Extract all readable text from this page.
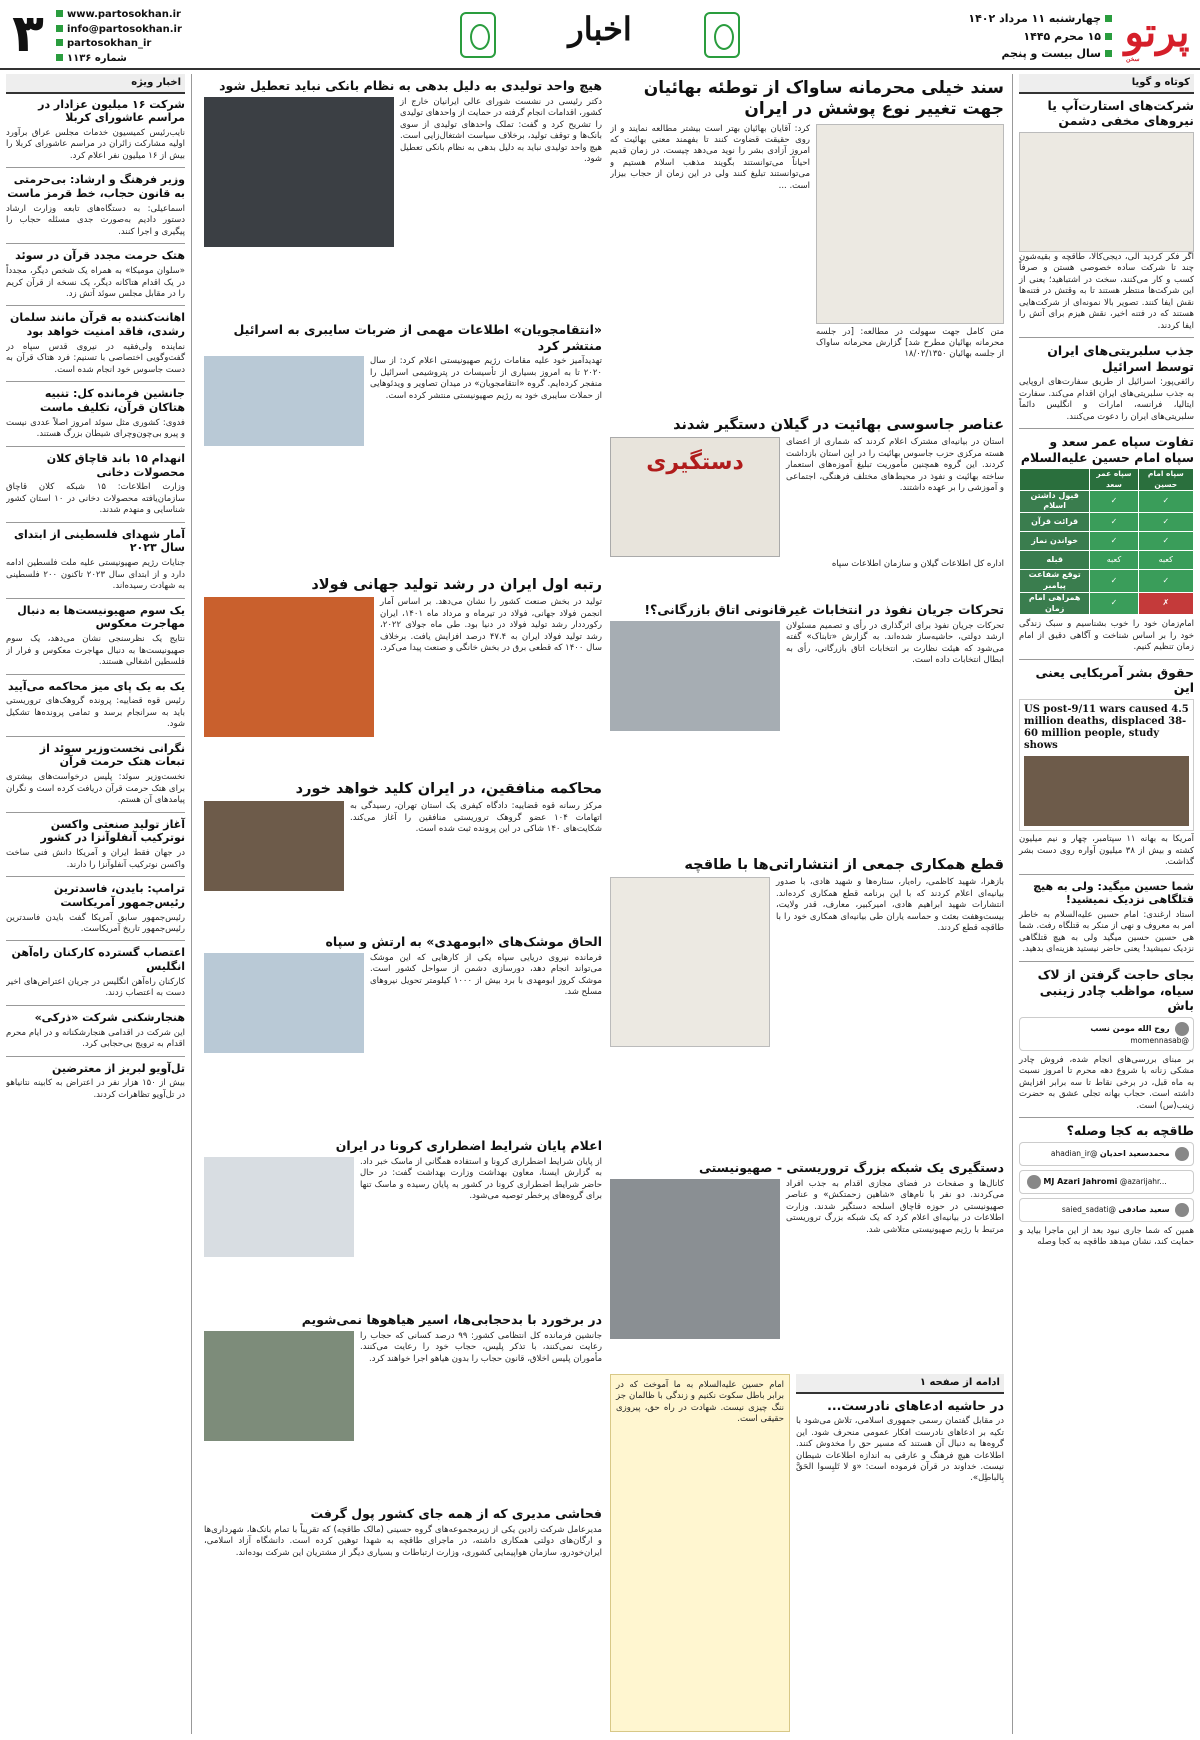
پرتو
سخن
چهارشنبه ۱۱ مرداد ۱۴۰۲
۱۵ محرم ۱۴۴۵
سال بیست و پنجم
اخبار
www.partosokhan.ir
info@partosokhan.ir
partosokhan_ir
شماره ۱۱۳۶
۳
کوتاه و گویا
شرکت‌های استارت‌آپ یا نیروهای مخفی دشمن
اگر فکر کردید آلی، دیجی‌کالا، طاقچه و بقیه‌شون چند تا شرکت ساده خصوصی هستن و صرفاً کسب و کار می‌کنند، سخت در اشتباهید؛ یعنی از این شرکت‌ها منتظر هستند تا به وقتش در فتنه‌ها نقش ایفا کنند. تصویر بالا نمونه‌ای از شرکت‌هایی هستند که در فتنه اخیر، نقش هیزم برای آتش را ایفا کردند.
جذب سلبریتی‌های ایران توسط اسرائیل
رائفی‌پور: اسرائیل از طریق سفارت‌های اروپایی به جذب سلبریتی‌های ایران اقدام می‌کند. سفارت ایتالیا، فرانسه، امارات و انگلیس دائماً سلبریتی‌های ایران را دعوت می‌کنند.
تفاوت سپاه عمر سعد و سپاه امام حسین علیه‌السلام
سپاه امام حسین	سپاه عمر سعد	
✓	✓	قبول داشتن اسلام
✓	✓	قرائت قرآن
✓	✓	خواندن نماز
کعبه	کعبه	قبله
✓	✓	توقع شفاعت پیامبر
✗	✓	همراهی امام زمان
امام‌زمان خود را خوب بشناسیم و سبک زندگی خود را بر اساس شناخت و آگاهی دقیق از امام زمان تنظیم کنیم.
حقوق بشر آمریکایی یعنی این
US post-9/11 wars caused 4.5 million deaths, displaced 38-60 million people, study shows
آمریکا به بهانه ۱۱ سپتامبر، چهار و نیم میلیون کشته و بیش از ۳۸ میلیون آواره روی دست بشر گذاشت.
شما حسین میگید: ولی به هیچ قتلگاهی نزدیک نمیشید!
استاد ارغندی: امام حسین علیه‌السلام به خاطر امر به معروف و نهی از منکر به قتلگاه رفت. شما هی حسین حسین میگید ولی به هیچ قتلگاهی نزدیک نمیشید! یعنی حاضر نیستید هزینه‌ای بدهید.
بجای حاجت گرفتن از لاک سیاه، مواظب چادر زینبی باش
روح الله مومن نسب
@momennasab
بر مبنای بررسی‌های انجام شده، فروش چادر مشکی زنانه با شروع دهه محرم تا امروز نسبت به ماه قبل، در برخی نقاط تا سه برابر افزایش داشته است. حجاب بهانه تجلی عشق به حضرت زینب(س) است.
طاقچه به کجا وصله؟
محمدسعید احدیان @ahadian_ir
MJ Azari Jahromi @azarijahr...
سعید صادقی @saied_sadati
همین که شما جاری نبود بعد از این ماجرا بیاید و حمایت کند، نشان میدهد طاقچه به کجا وصله
سند خیلی محرمانه ساواک از توطئه بهائیان جهت تغییر نوع پوشش در ایران
متن کامل جهت سهولت در مطالعه: [در جلسه محرمانه بهائیان مطرح شد] گزارش محرمانه ساواک از جلسه بهائیان ۱۸/۰۲/۱۳۵۰
کرد: آقایان بهائیان بهتر است بیشتر مطالعه نمایند و از روی حقیقت قضاوت کنند تا بفهمند معنی بهائیت که امروز آزادی بشر را نوید می‌دهد چیست. در زمان قدیم احیاناً می‌توانستند بگویند مذهب اسلام هستیم و می‌توانستند تبلیغ کنند ولی در این زمان از حجاب بیزار است. ...
هیچ واحد تولیدی به دلیل بدهی به نظام بانکی نباید تعطیل شود
دکتر رئیسی در نشست شورای عالی ایرانیان خارج از کشور، اقدامات انجام گرفته در حمایت از واحدهای تولیدی را تشریح کرد و گفت: تملک واحدهای تولیدی از سوی بانک‌ها و توقف تولید، برخلاف سیاست اشتغال‌زایی است. هیچ واحد تولیدی نباید به دلیل بدهی به نظام بانکی تعطیل شود.
«انتقامجویان» اطلاعات مهمی از ضربات سایبری به اسرائیل منتشر کرد
تهدیدآمیز خود علیه مقامات رژیم صهیونیستی اعلام کرد: از سال ۲۰۲۰ تا به امروز بسیاری از تأسیسات در پتروشیمی اسرائیل را منفجر کرده‌ایم. گروه «انتقامجویان» در میدان تصاویر و ویدئوهایی از حملات سایبری خود به رژیم صهیونیستی منتشر کرده است.
عناصر جاسوسی بهائیت در گیلان دستگیر شدند
استان در بیانیه‌ای مشترک اعلام کردند که شماری از اعضای هسته مرکزی حزب جاسوس بهائیت را در این استان بازداشت کردند. این گروه همچنین مأموریت تبلیغ آموزه‌های استعمار ساخته بهائیت و نفوذ در محیط‌های مختلف فرهنگی، اجتماعی و آموزشی را بر عهده داشتند.
دستگیری
اداره کل اطلاعات گیلان و سازمان اطلاعات سپاه
رتبه اول ایران در رشد تولید جهانی فولاد
تولید در بخش صنعت کشور را نشان می‌دهد. بر اساس آمار انجمن فولاد جهانی، فولاد در تیرماه و مرداد ماه ۱۴۰۱، ایران رکورددار رشد تولید فولاد در دنیا بود. طی ماه جولای ۲۰۲۲، رشد تولید فولاد ایران به ۴۷.۴ درصد افزایش یافت. برخلاف سال ۱۴۰۰ که قطعی برق در بخش خانگی و صنعت پیدا می‌کرد.
تحرکات جریان نفوذ در انتخابات غیرقانونی اتاق بازرگانی؟!
تحرکات جریان نفوذ برای اثرگذاری در رأی و تصمیم مسئولان ارشد دولتی، حاشیه‌ساز شده‌اند. به گزارش «تابناک» گفته می‌شود که هیئت نظارت بر انتخابات اتاق بازرگانی، رأی به ابطال انتخابات داده است.
محاکمه منافقین، در ایران کلید خواهد خورد
مرکز رسانه قوه قضاییه: دادگاه کیفری یک استان تهران، رسیدگی به اتهامات ۱۰۴ عضو گروهک تروریستی منافقین را آغاز می‌کند. شکایت‌های ۱۴۰ شاکی در این پرونده ثبت شده است.
قطع همکاری جمعی از انتشاراتی‌ها با طاقچه
بازهرا، شهید کاظمی، راه‌یار، ستاره‌ها و شهید هادی، با صدور بیانیه‌ای اعلام کردند که با این برنامه قطع همکاری کرده‌اند. انتشارات شهید ابراهیم هادی، امیرکبیر، معارف، قدر ولایت، بیست‌وهفت بعثت و حماسه یاران طی بیانیه‌ای همکاری خود را با طاقچه قطع کردند.
الحاق موشک‌های «ابومهدی» به ارتش و سپاه
فرمانده نیروی دریایی سپاه یکی از کارهایی که این موشک می‌تواند انجام دهد، دورسازی دشمن از سواحل کشور است. موشک کروز ابومهدی با برد بیش از ۱۰۰۰ کیلومتر تحویل نیروهای مسلح شد.
دستگیری یک شبکه بزرگ تروریستی - صهیونیستی
کانال‌ها و صفحات در فضای مجازی اقدام به جذب افراد می‌کردند. دو نفر با نام‌های «شاهین زحمتکش» و عناصر صهیونیستی در حوزه قاچاق اسلحه دستگیر شدند. وزارت اطلاعات در بیانیه‌ای اعلام کرد که یک شبکه بزرگ تروریستی مرتبط با رژیم صهیونیستی متلاشی شد.
اعلام پایان شرایط اضطراری کرونا در ایران
از پایان شرایط اضطراری کرونا و استفاده همگانی از ماسک خبر داد. به گزارش ایسنا، معاون بهداشت وزارت بهداشت گفت: در حال حاضر شرایط اضطراری کرونا در کشور به پایان رسیده و ماسک تنها برای گروه‌های پرخطر توصیه می‌شود.
در برخورد با بدحجابی‌ها، اسیر هیاهوها نمی‌شویم
جانشین فرمانده کل انتظامی کشور: ۹۹ درصد کسانی که حجاب را رعایت نمی‌کنند، با تذکر پلیس، حجاب خود را رعایت می‌کنند. مأموران پلیس اخلاق، قانون حجاب را بدون هیاهو اجرا خواهند کرد.
فحاشی مدیری که از همه جای کشور پول گرفت
مدیرعامل شرکت زادین یکی از زیرمجموعه‌های گروه حسینی (مالک طاقچه) که تقریباً با تمام بانک‌ها، شهرداری‌ها و ارگان‌های دولتی همکاری داشته، در ماجرای طاقچه به شهدا توهین کرده است. دانشگاه آزاد اسلامی، ایران‌خودرو، سازمان هواپیمایی کشوری، وزارت ارتباطات و بسیاری دیگر از مشتریان این شرکت بوده‌اند.
ادامه از صفحه ۱
در حاشیه ادعاهای نادرست...
در مقابل گفتمان رسمی جمهوری اسلامی، تلاش می‌شود با تکیه بر ادعاهای نادرست افکار عمومی منحرف شود. این گروه‌ها به دنبال آن هستند که مسیر حق را مخدوش کنند. اطلاعات هیچ فرهنگ و عارفی به اندازه اطلاعات شیطان نیست. خداوند در قرآن فرموده است: «وَ لا تَلبِسوا الحَقَّ بِالباطِل».
امام حسین علیه‌السلام به ما آموخت که در برابر باطل سکوت نکنیم و زندگی با ظالمان جز ننگ چیزی نیست. شهادت در راه حق، پیروزی حقیقی است.
اخبار ویژه
شرکت ۱۶ میلیون عزادار در مراسم عاشورای کربلا
نایب‌رئیس کمیسیون خدمات مجلس عراق برآورد اولیه مشارکت زائران در مراسم عاشورای کربلا را بیش از ۱۶ میلیون نفر اعلام کرد.
وزیر فرهنگ و ارشاد: بی‌حرمتی به قانون حجاب، خط قرمز ماست
اسماعیلی: به دستگاه‌های تابعه وزارت ارشاد دستور دادیم به‌صورت جدی مسئله حجاب را پیگیری و اجرا کنند.
هتک حرمت مجدد قرآن در سوئد
«سلوان مومیکا» به همراه یک شخص دیگر، مجدداً در یک اقدام هتاکانه دیگر، یک نسخه از قرآن کریم را در مقابل مجلس سوئد آتش زد.
اهانت‌کننده به قرآن مانند سلمان رشدی، فاقد امنیت خواهد بود
نماینده ولی‌فقیه در نیروی قدس سپاه در گفت‌وگویی اختصاصی با تسنیم: فرد هتاک قرآن به دست جاسوس خود انجام شده است.
جانشین فرمانده کل: تنبیه هتاکان قرآن، تکلیف ماست
فدوی: کشوری مثل سوئد امروز اصلاً عددی نیست و پیرو بی‌چون‌وچرای شیطان بزرگ هستند.
انهدام ۱۵ باند قاچاق کلان محصولات دخانی
وزارت اطلاعات: ۱۵ شبکه کلان قاچاق سازمان‌یافته محصولات دخانی در ۱۰ استان کشور شناسایی و منهدم شدند.
آمار شهدای فلسطینی از ابتدای سال ۲۰۲۳
جنایات رژیم صهیونیستی علیه ملت فلسطین ادامه دارد و از ابتدای سال ۲۰۲۳ تاکنون ۲۰۰ فلسطینی به شهادت رسیده‌اند.
یک سوم صهیونیست‌ها به دنبال مهاجرت معکوس
نتایج یک نظرسنجی نشان می‌دهد، یک سوم صهیونیست‌ها به دنبال مهاجرت معکوس و فرار از فلسطین اشغالی هستند.
یک به یک پای میز محاکمه می‌آیید
رئیس قوه قضاییه: پرونده گروهک‌های تروریستی باید به سرانجام برسد و تمامی پرونده‌ها تشکیل شود.
نگرانی نخست‌وزیر سوئد از تبعات هتک حرمت قرآن
نخست‌وزیر سوئد: پلیس درخواست‌های بیشتری برای هتک حرمت قرآن دریافت کرده است و نگران پیامدهای آن هستم.
آغاز تولید صنعتی واکسن نوترکیب آنفلوآنزا در کشور
در جهان فقط ایران و آمریکا دانش فنی ساخت واکسن نوترکیب آنفلوآنزا را دارند.
ترامپ: بایدن، فاسدترین رئیس‌جمهور آمریکاست
رئیس‌جمهور سابق آمریکا گفت بایدن فاسدترین رئیس‌جمهور تاریخ آمریکاست.
اعتصاب گسترده کارکنان راه‌آهن انگلیس
کارکنان راه‌آهن انگلیس در جریان اعتراض‌های اخیر دست به اعتصاب زدند.
هنجارشکنی شرکت «ذرکی»
این شرکت در اقدامی هنجارشکنانه و در ایام محرم اقدام به ترویج بی‌حجابی کرد.
تل‌آویو لبریز از معترضین
بیش از ۱۵۰ هزار نفر در اعتراض به کابینه نتانیاهو در تل‌آویو تظاهرات کردند.
